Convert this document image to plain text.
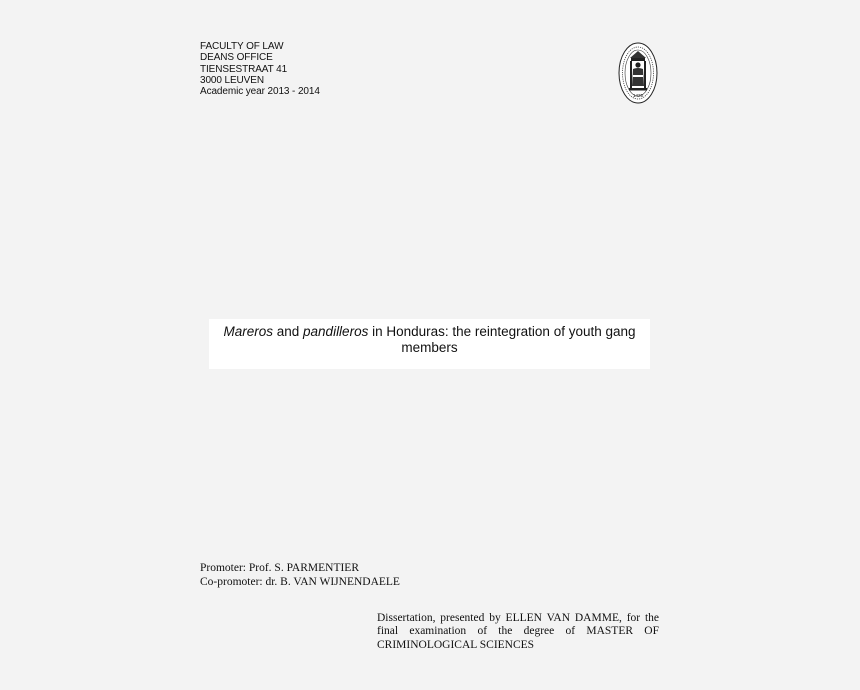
FACULTY OF LAW
DEANS OFFICE
TIENSESTRAAT 41
3000 LEUVEN
Academic year 2013 - 2014	1425
Mareros and pandilleros in Honduras: the reintegration of youth gang members
Promoter: Prof. S. PARMENTIER
Co-promoter: dr. B. VAN WIJNENDAELE
Dissertation, presented by ELLEN VAN DAMME, for the final examination of the degree of MASTER OF CRIMINOLOGICAL SCIENCES
